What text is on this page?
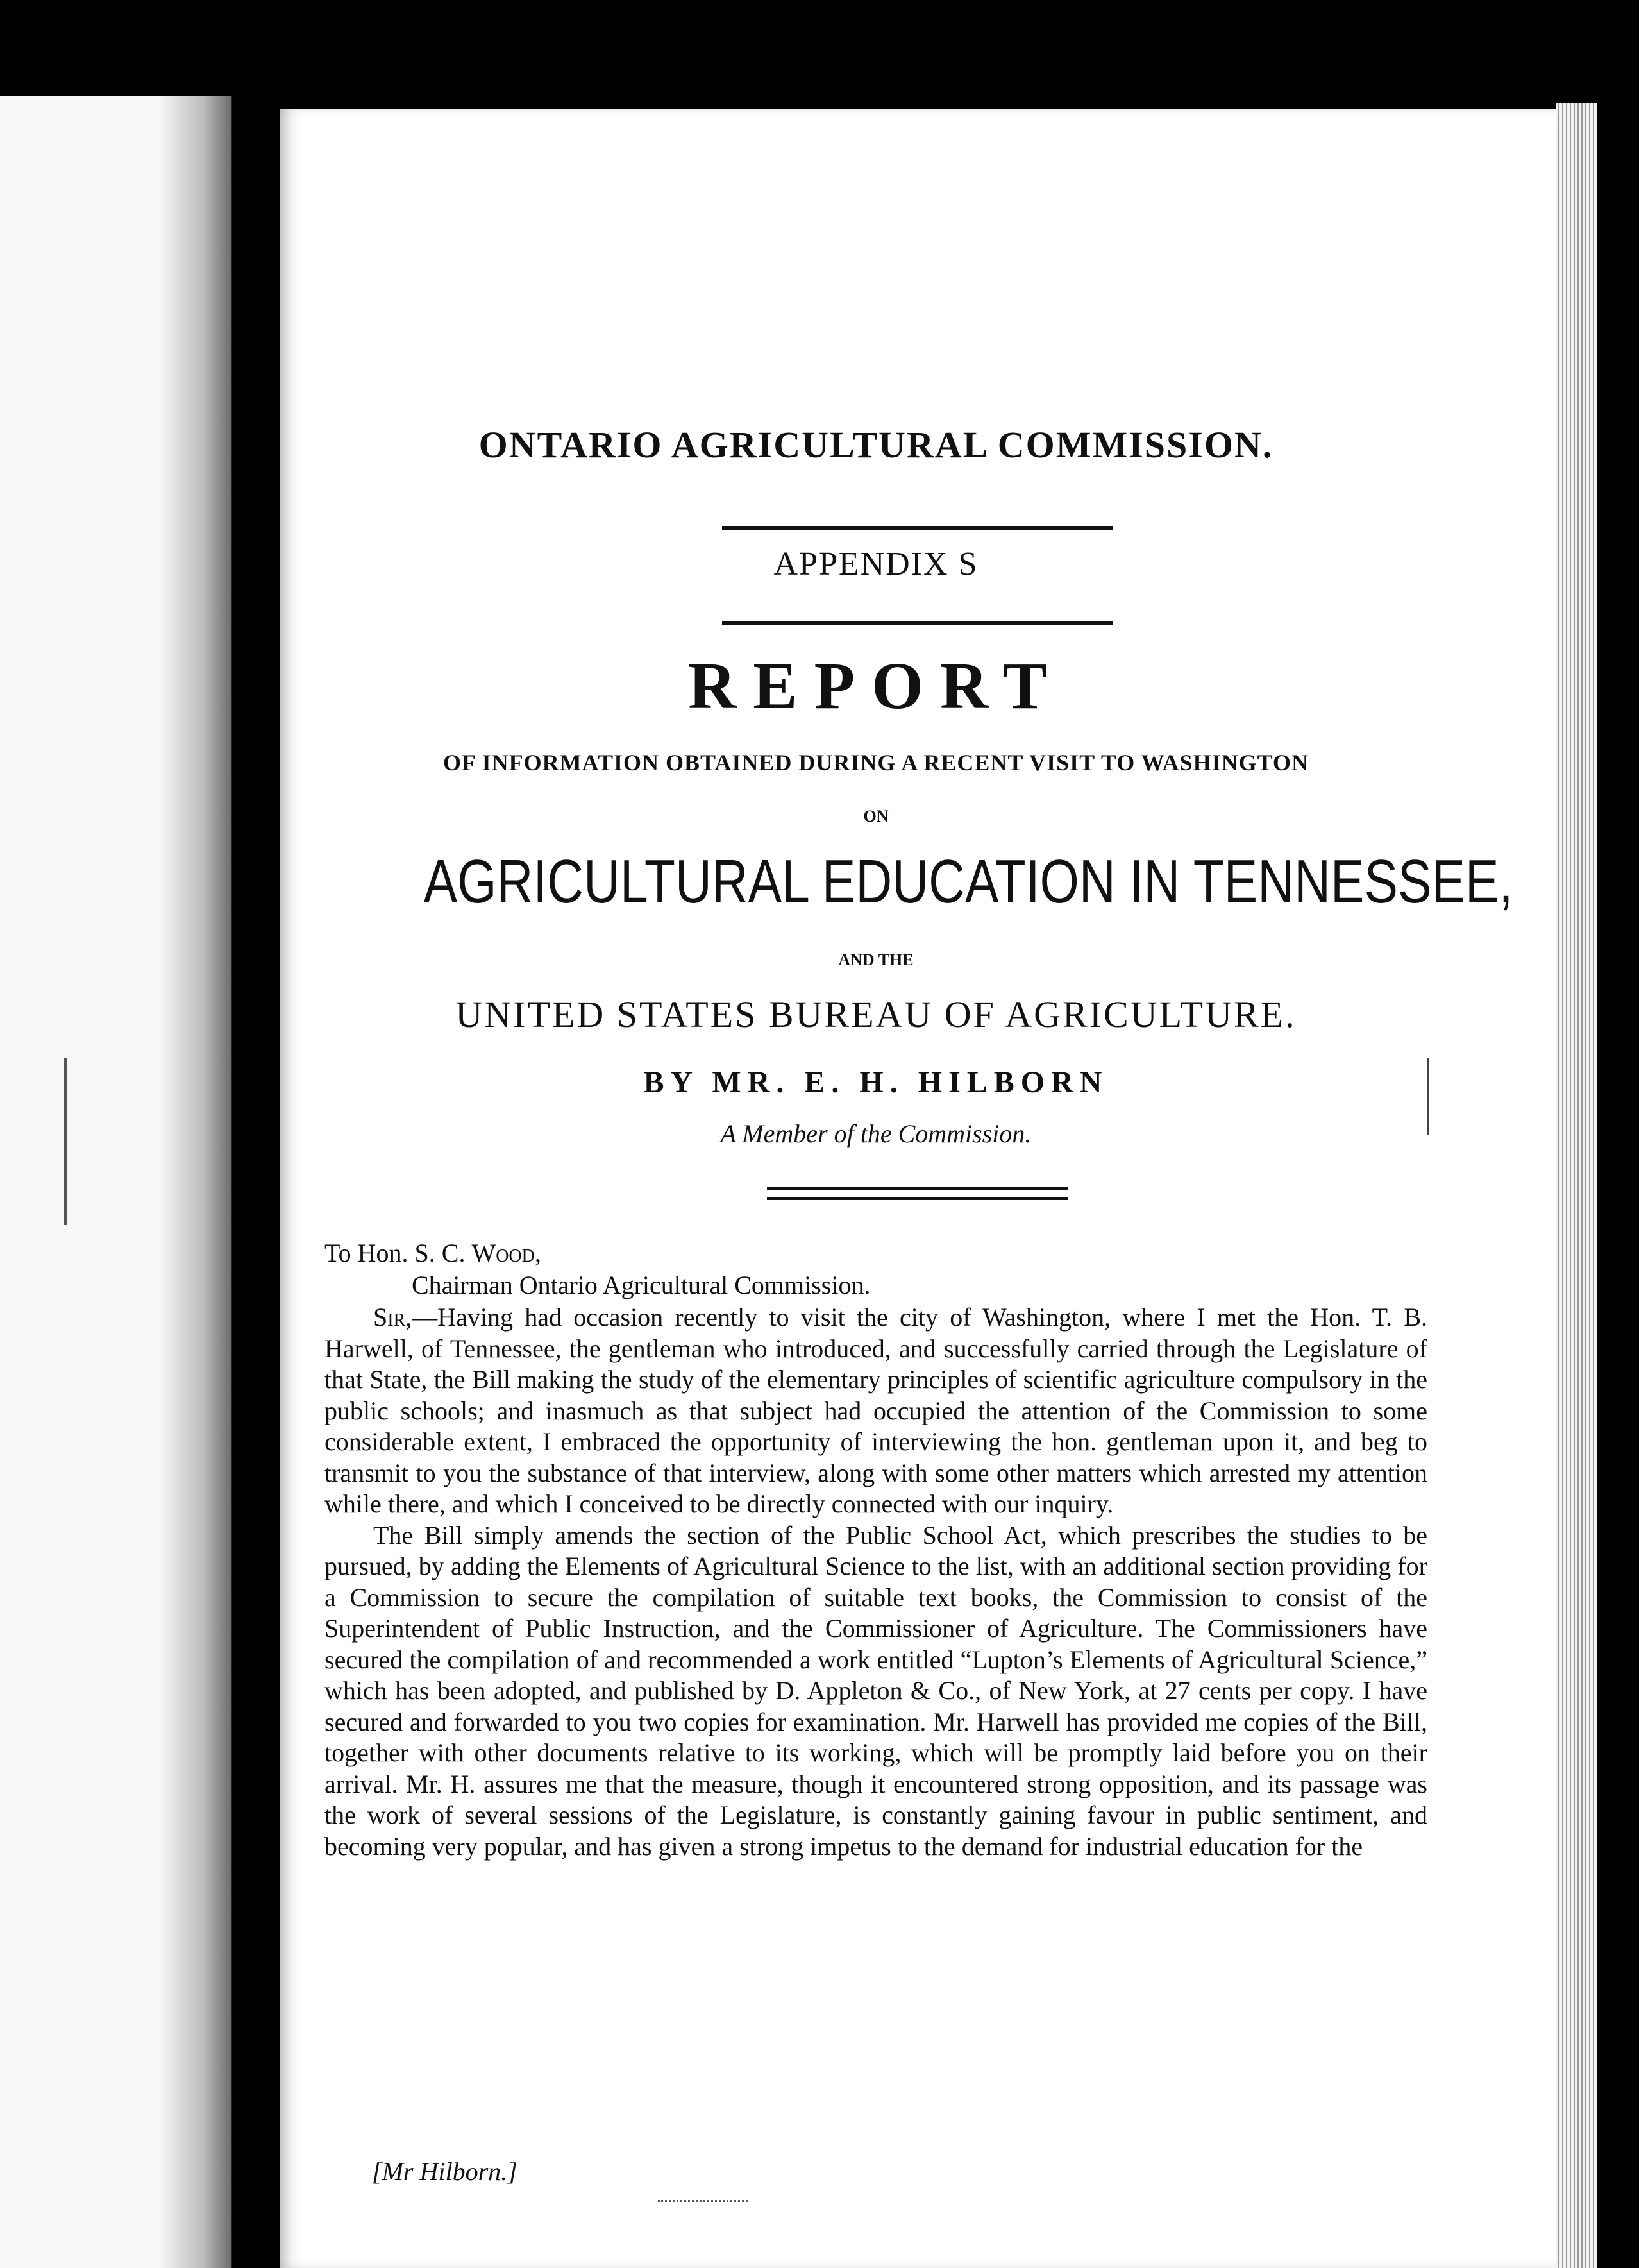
ONTARIO AGRICULTURAL COMMISSION.
APPENDIX S
REPORT
OF INFORMATION OBTAINED DURING A RECENT VISIT TO WASHINGTON
ON
AGRICULTURAL EDUCATION IN TENNESSEE,
AND THE
UNITED STATES BUREAU OF AGRICULTURE.
BY MR. E. H. HILBORN
A Member of the Commission.
To Hon. S. C. Wood,
Chairman Ontario Agricultural Commission.

Sir,—Having had occasion recently to visit the city of Washington, where I met the Hon. T. B. Harwell, of Tennessee, the gentleman who introduced, and successfully carried through the Legislature of that State, the Bill making the study of the elementary principles of scientific agriculture compulsory in the public schools; and inasmuch as that subject had occupied the attention of the Commission to some considerable extent, I embraced the opportunity of interviewing the hon. gentleman upon it, and beg to transmit to you the substance of that interview, along with some other matters which arrested my attention while there, and which I conceived to be directly connected with our inquiry.

The Bill simply amends the section of the Public School Act, which prescribes the studies to be pursued, by adding the Elements of Agricultural Science to the list, with an additional section providing for a Commission to secure the compilation of suitable text books, the Commission to consist of the Superintendent of Public Instruction, and the Commissioner of Agriculture. The Commissioners have secured the compilation of and recommended a work entitled “Lupton’s Elements of Agricultural Science,” which has been adopted, and published by D. Appleton & Co., of New York, at 27 cents per copy. I have secured and forwarded to you two copies for examination. Mr. Harwell has provided me copies of the Bill, together with other documents relative to its working, which will be promptly laid before you on their arrival. Mr. H. assures me that the measure, though it encountered strong opposition, and its passage was the work of several sessions of the Legislature, is constantly gaining favour in public sentiment, and becoming very popular, and has given a strong impetus to the demand for industrial education for the

[Mr Hilborn.]
